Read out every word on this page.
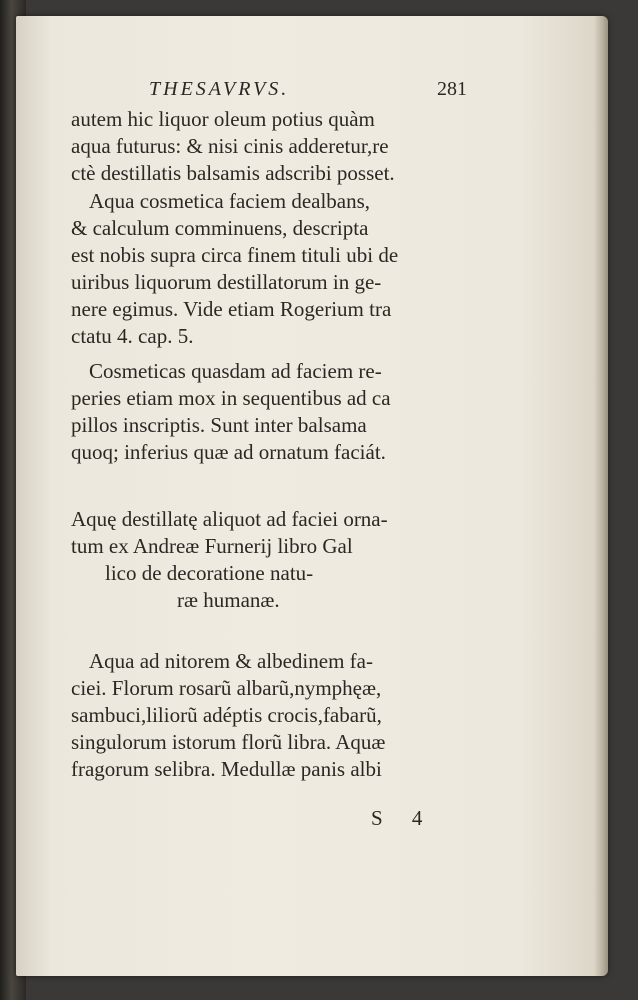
THESAVRVS.	281
autem hic liquor oleum potius quàm
aqua futurus: & nisi cinis adderetur,re
ctè destillatis balsamis adscribi posset.
Aqua cosmetica faciem dealbans,
& calculum comminuens, descripta
est nobis supra circa finem tituli ubi de
uiribus liquorum destillatorum in ge-
nere egimus. Vide etiam Rogerium tra
ctatu 4. cap. 5.
Cosmeticas quasdam ad faciem re-
peries etiam mox in sequentibus ad ca
pillos inscriptis. Sunt inter balsama
quoq; inferius quæ ad ornatum faciát.
Aquę destillatę aliquot ad faciei orna-
tum ex Andreæ Furnerij libro Gal
lico de decoratione natu-
ræ humanæ.
Aqua ad nitorem & albedinem fa-
ciei. Florum rosarũ albarũ,nymphęæ,
sambuci,liliorũ adéptis crocis,fabarũ,
singulorum istorum florũ libra. Aquæ
fragorum selibra. Medullæ panis albi
S 4
